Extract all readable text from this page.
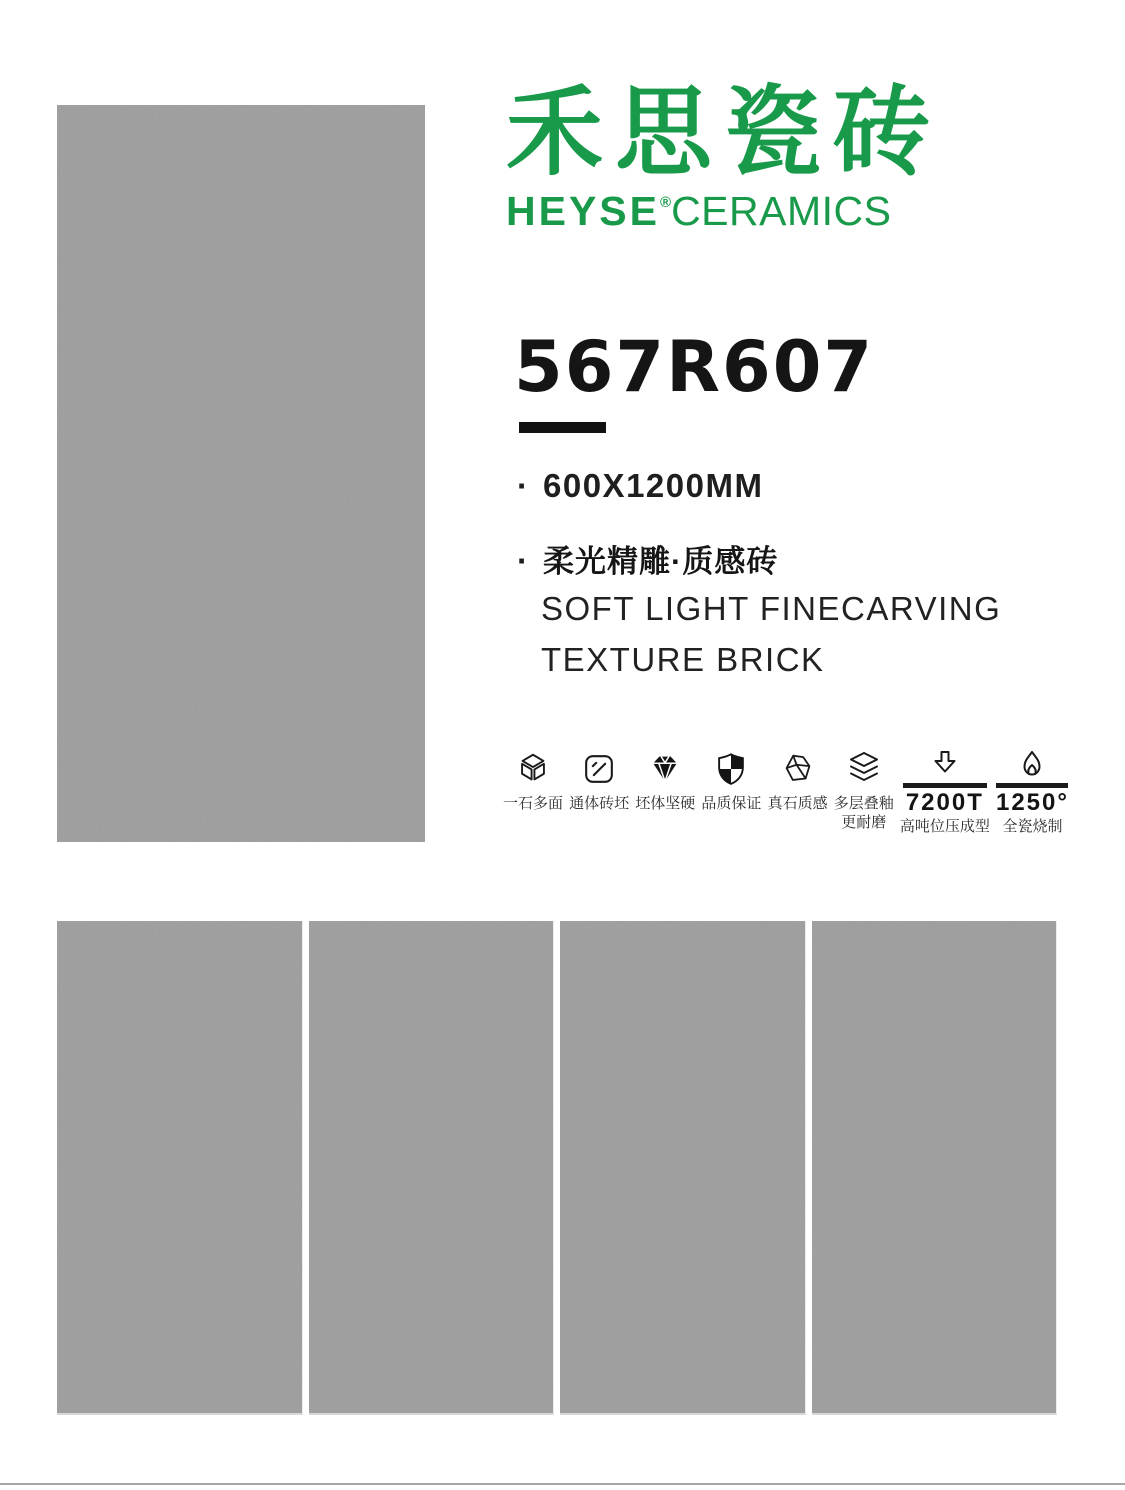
禾思瓷砖
HEYSE®CERAMICS
567R607
· 600X1200MM
· 柔光精雕·质感砖
SOFT LIGHT FINECARVING
TEXTURE BRICK
一石多面 通体砖坯 坯体坚硬 品质保证 真石质感 多层叠釉
更耐磨
7200T
高吨位压成型
1250°
全瓷烧制
